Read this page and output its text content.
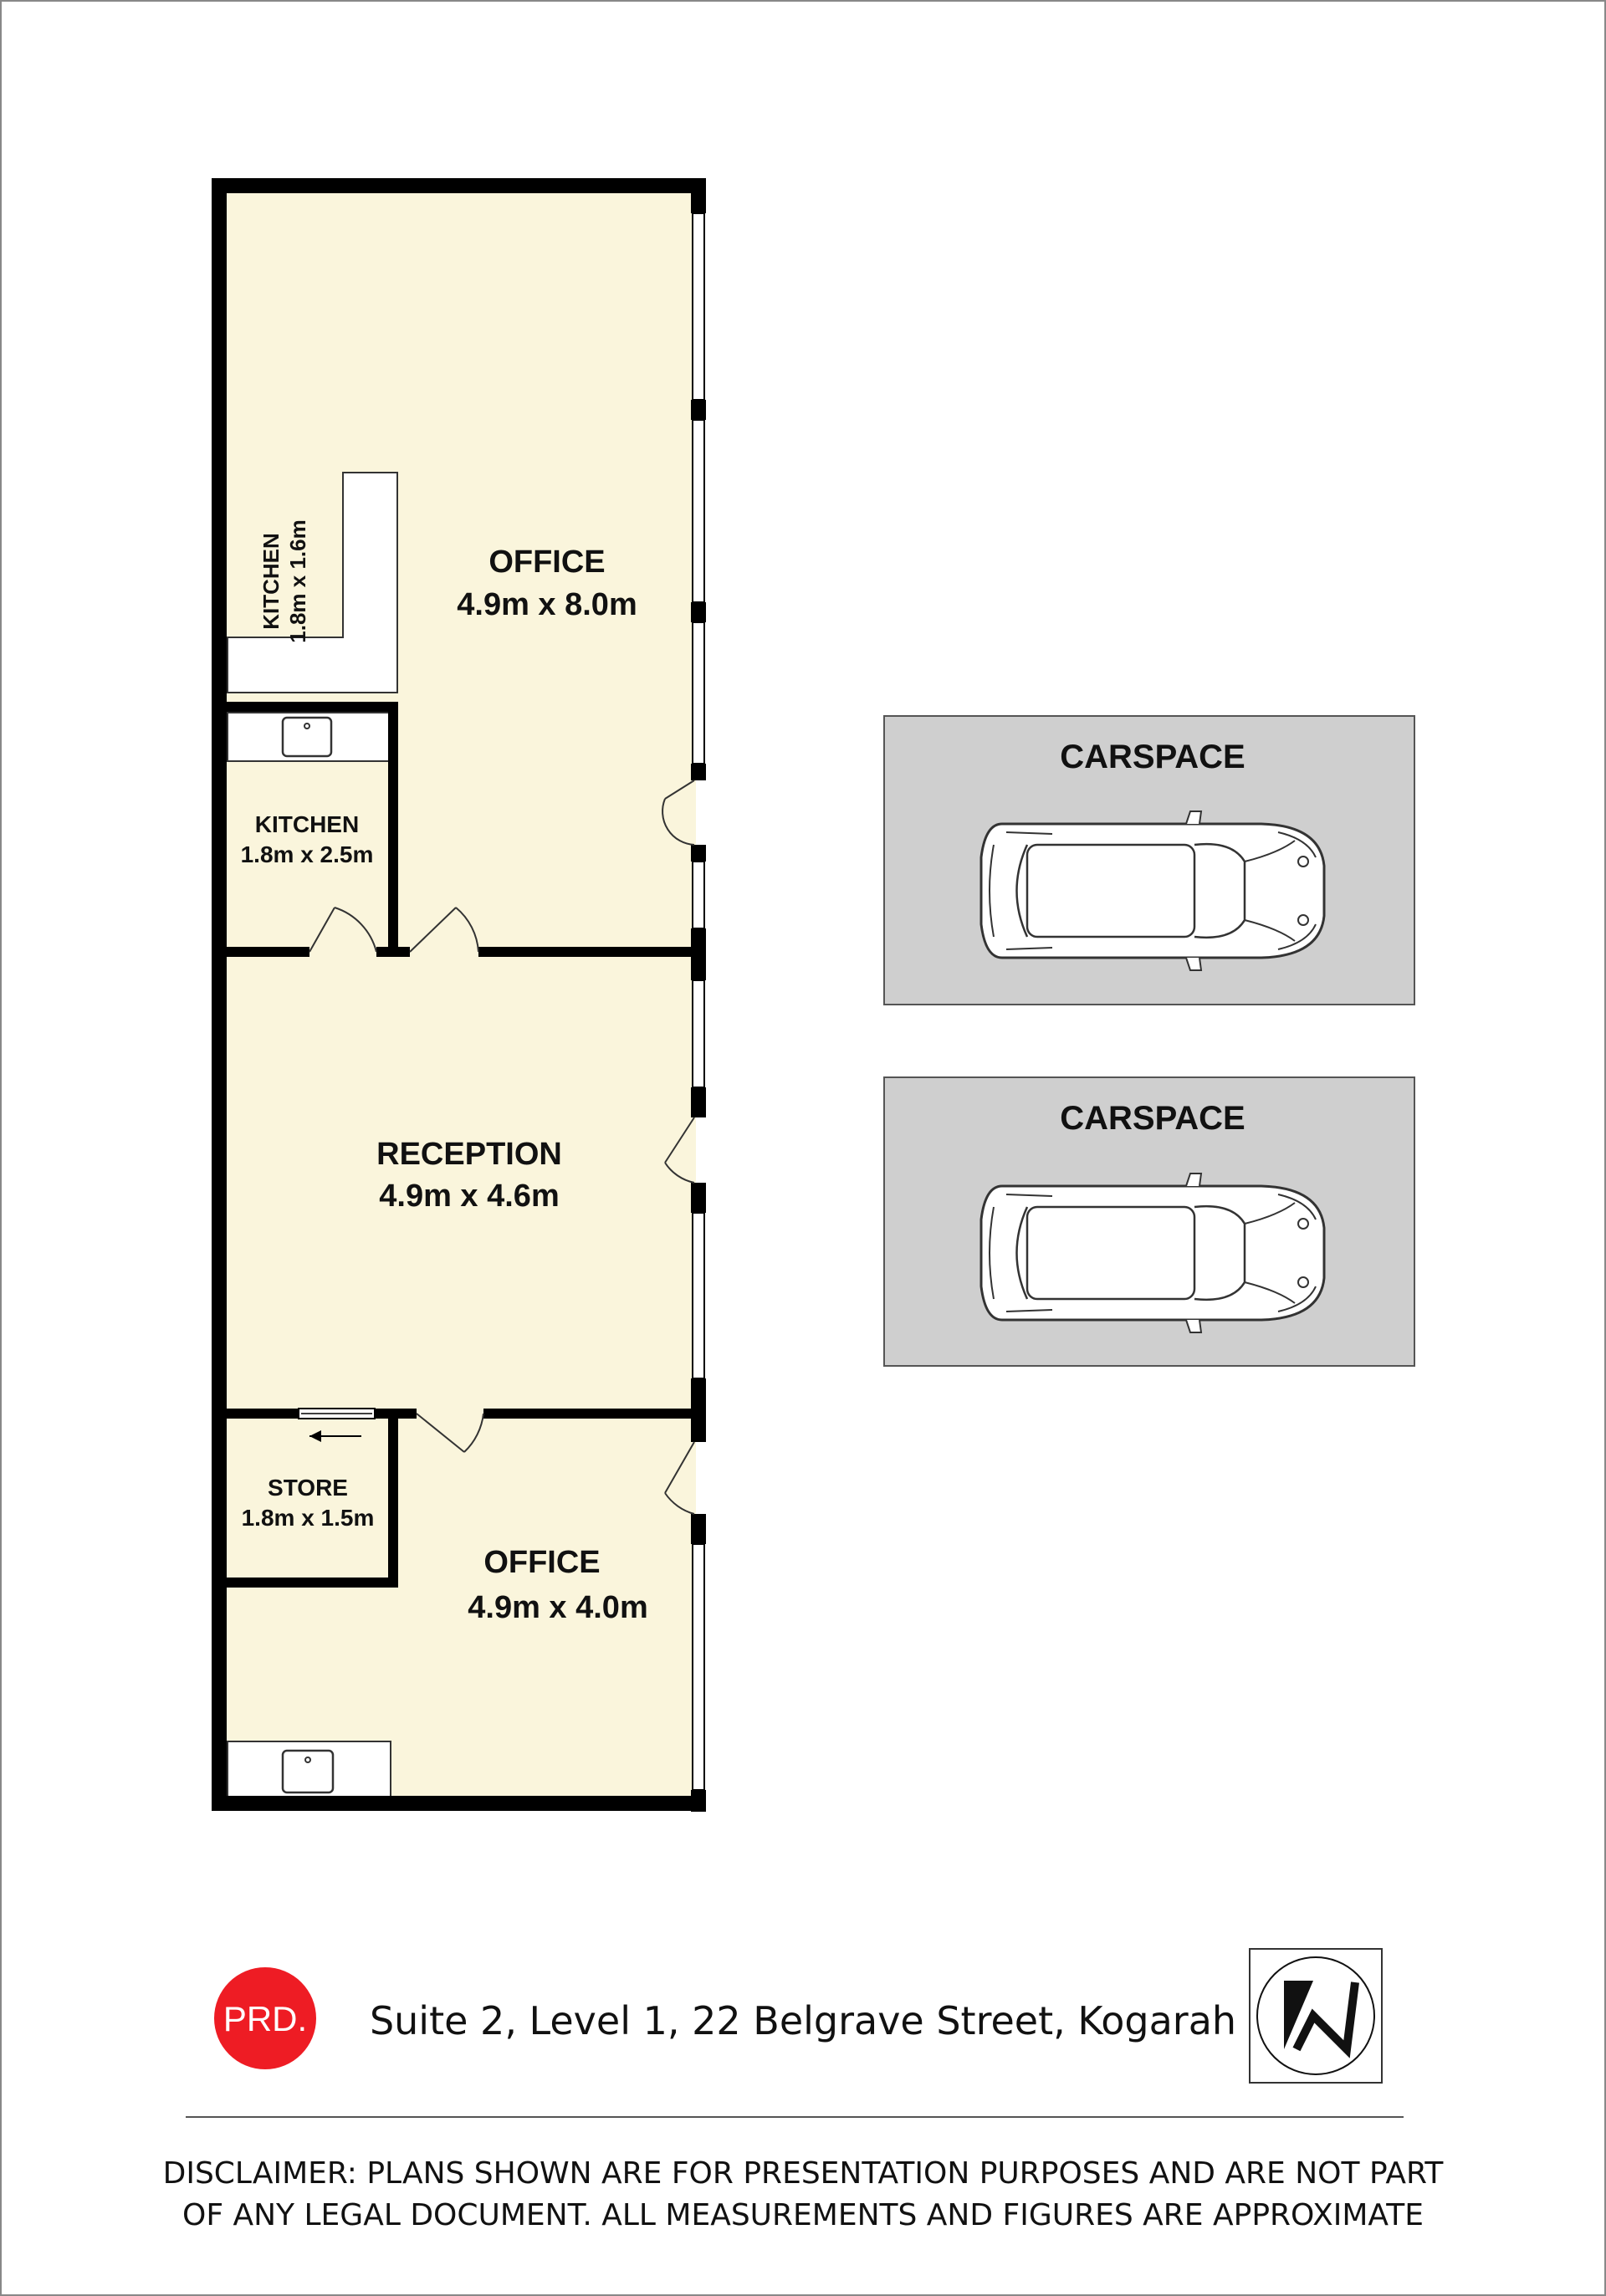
OFFICE
4.9m x 8.0m
KITCHEN 1.8m x 1.6m
KITCHEN
1.8m x 2.5m
RECEPTION
4.9m x 4.6m
STORE
1.8m x 1.5m
OFFICE
4.9m x 4.0m
CARSPACE
CARSPACE
PRD. Suite 2, Level 1, 22 Belgrave Street, Kogarah
DISCLAIMER: PLANS SHOWN ARE FOR PRESENTATION PURPOSES AND ARE NOT PART
OF ANY LEGAL DOCUMENT. ALL MEASUREMENTS AND FIGURES ARE APPROXIMATE
